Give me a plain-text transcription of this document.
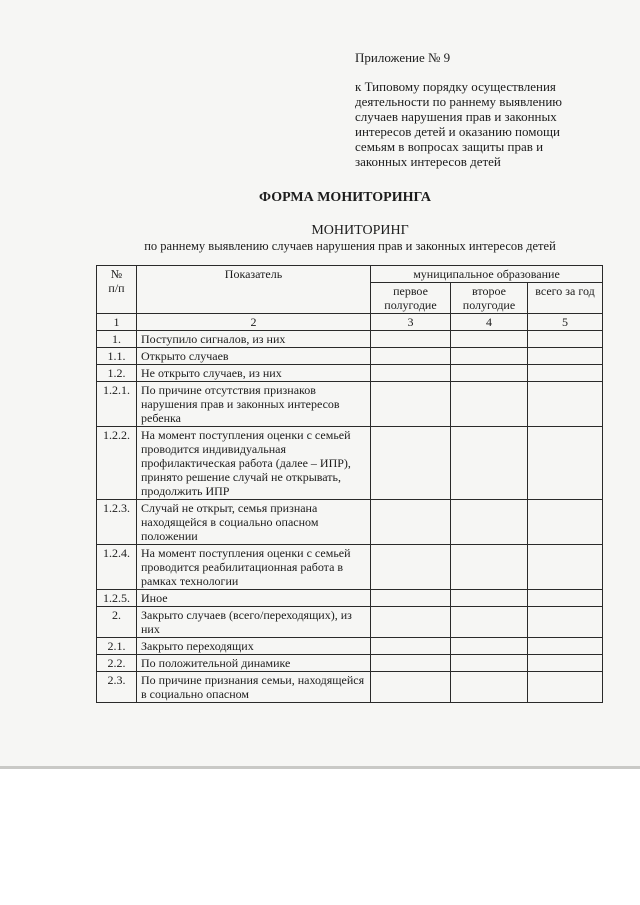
Приложение № 9
к Типовому порядку осуществления
деятельности по раннему выявлению
случаев нарушения прав и законных
интересов детей и оказанию помощи
семьям в вопросах защиты прав и
законных интересов детей
ФОРМА МОНИТОРИНГА
МОНИТОРИНГ
по раннему выявлению случаев нарушения прав и законных интересов детей
№
п/п	Показатель	муниципальное образование		
		первое полугодие	второе полугодие	всего за год
1	2	3	4	5
1.	Поступило сигналов, из них			
1.1.	Открыто случаев			
1.2.	Не открыто случаев, из них			
1.2.1.	По причине отсутствия признаков нарушения прав и законных интересов ребенка			
1.2.2.	На момент поступления оценки с семьей проводится индивидуальная профилактическая работа (далее – ИПР), принято решение случай не открывать, продолжить ИПР			
1.2.3.	Случай не открыт, семья признана находящейся в социально опасном положении			
1.2.4.	На момент поступления оценки с семьей проводится реабилитационная работа в рамках технологии			
1.2.5.	Иное			
2.	Закрыто случаев (всего/переходящих), из них			
2.1.	Закрыто переходящих			
2.2.	По положительной динамике			
2.3.	По причине признания семьи, находящейся в социально опасном			
